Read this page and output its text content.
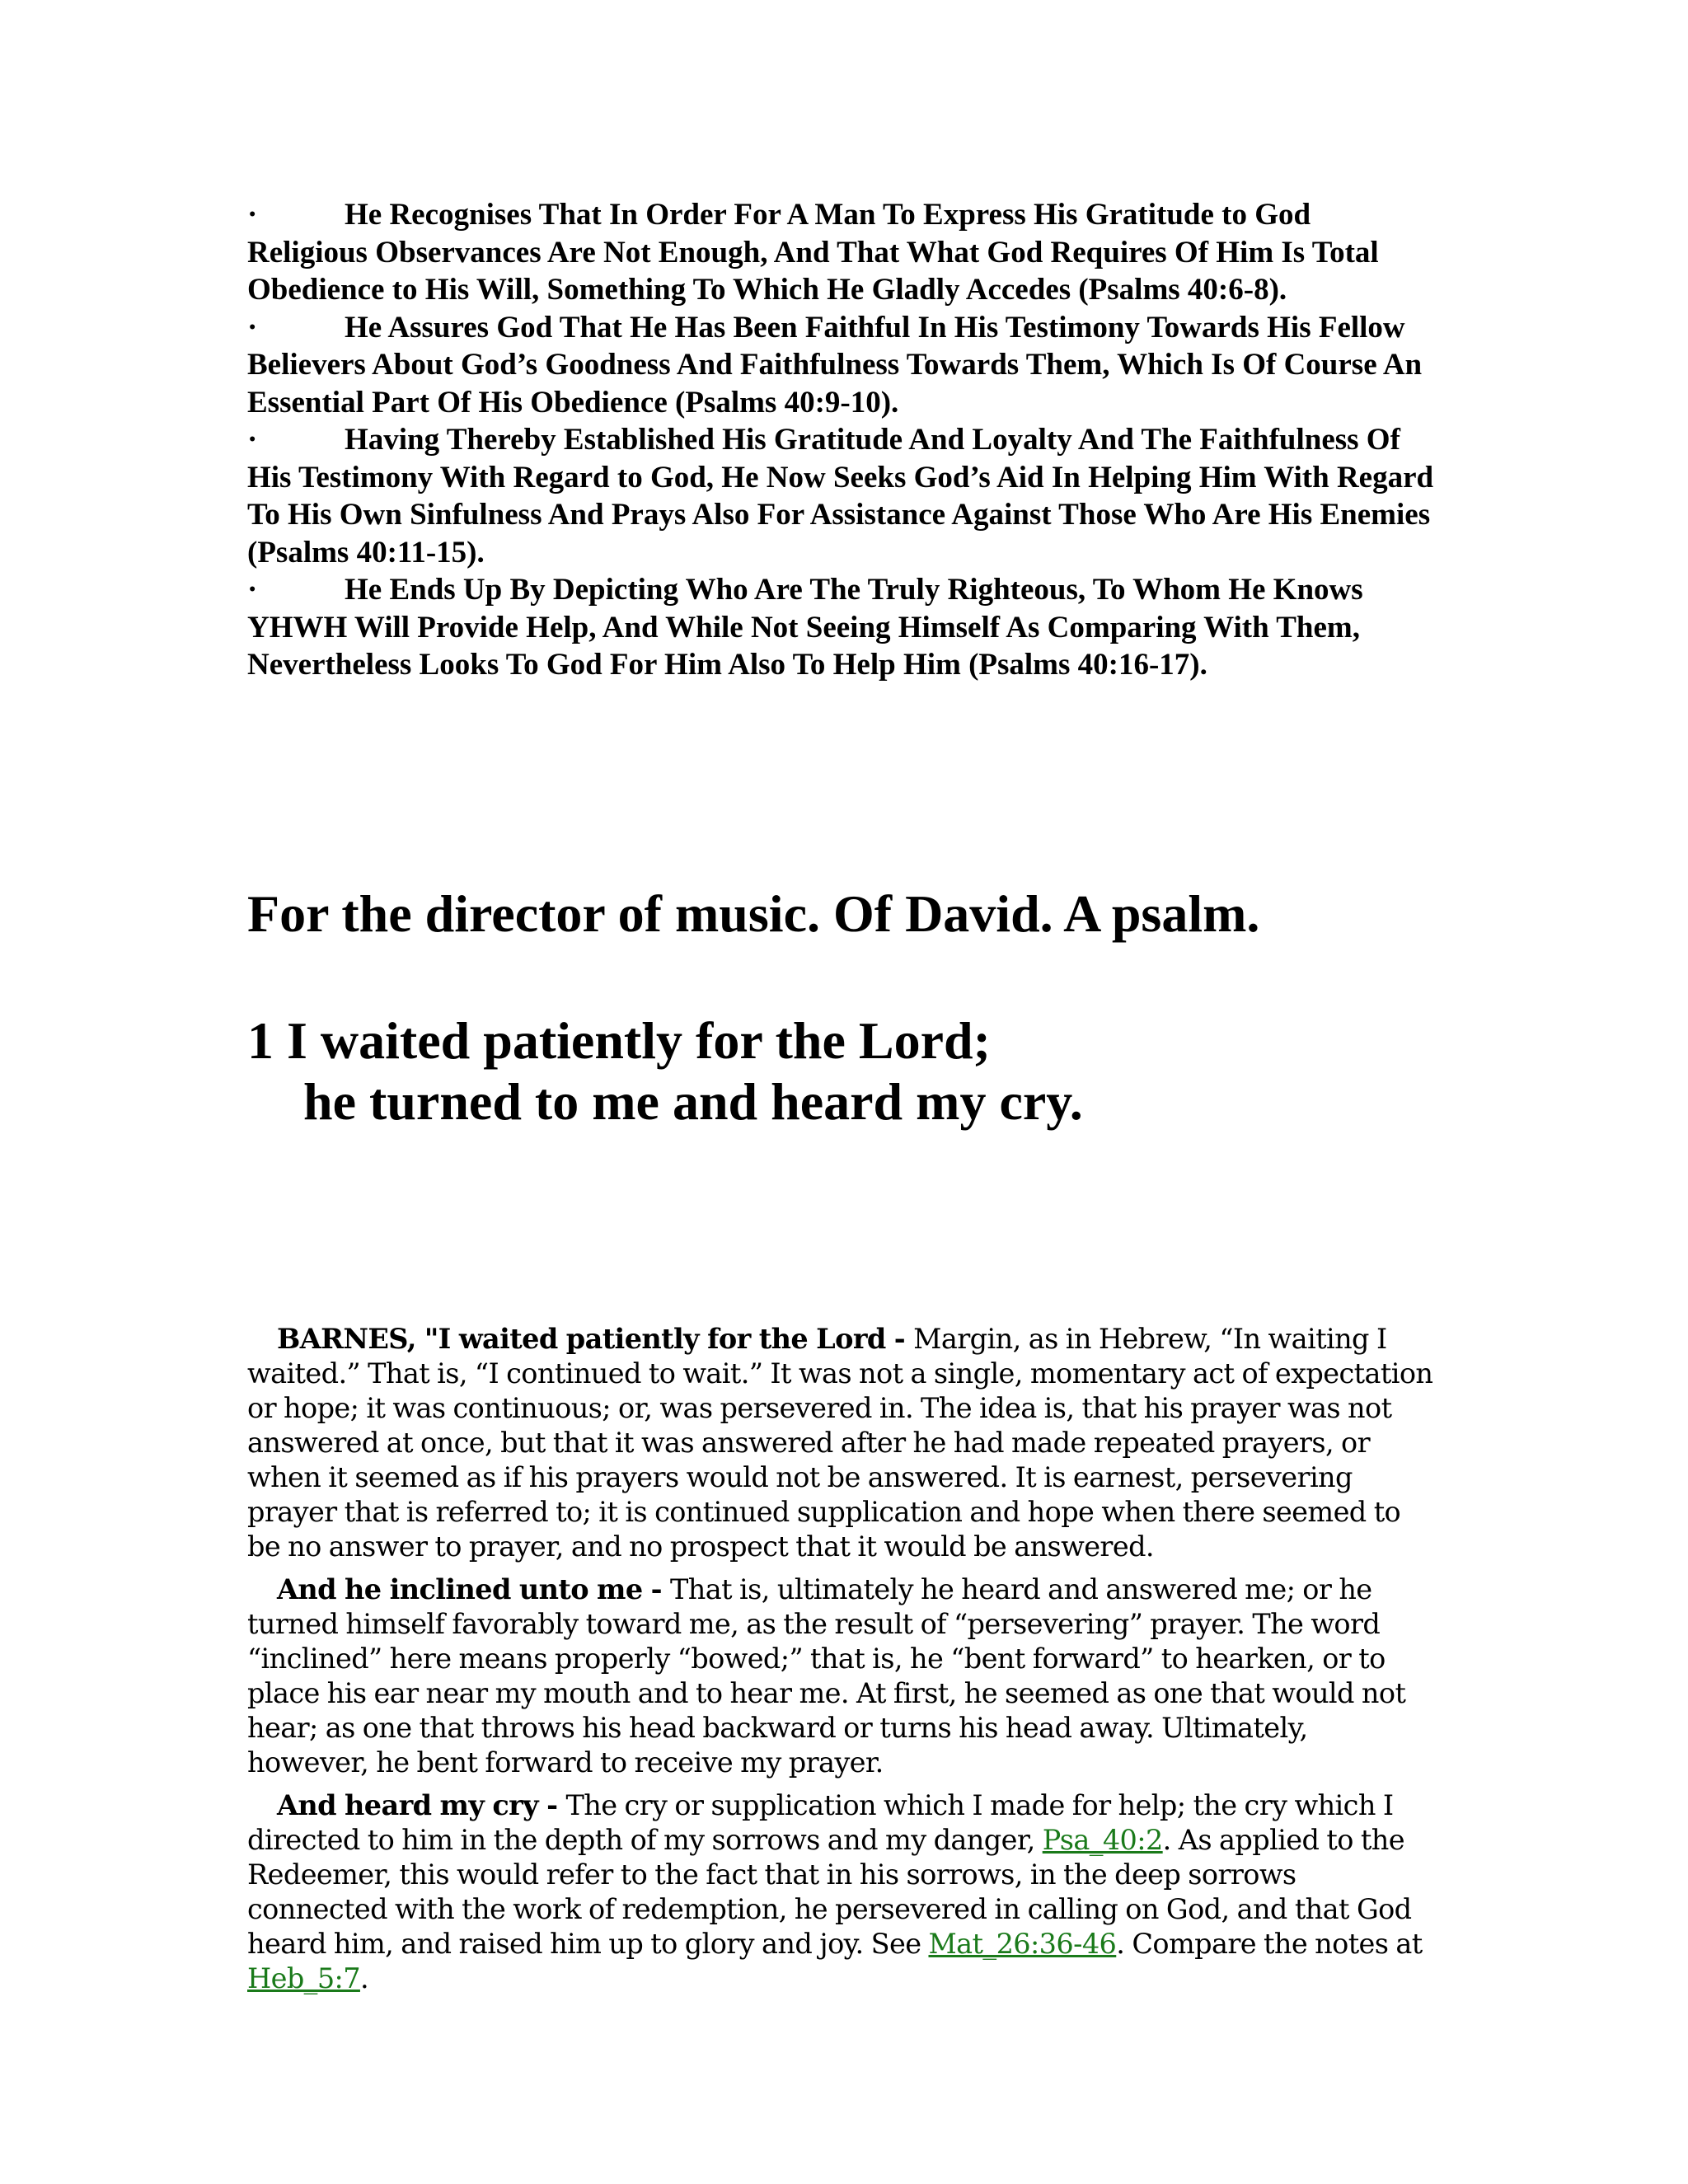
·	He Recognises That In Order For A Man To Express His Gratitude to God Religious Observances Are Not Enough, And That What God Requires Of Him Is Total Obedience to His Will, Something To Which He Gladly Accedes (Psalms 40:6-8).

·	He Assures God That He Has Been Faithful In His Testimony Towards His Fellow Believers About God’s Goodness And Faithfulness Towards Them, Which Is Of Course An Essential Part Of His Obedience (Psalms 40:9-10).

·	Having Thereby Established His Gratitude And Loyalty And The Faithfulness Of His Testimony With Regard to God, He Now Seeks God’s Aid In Helping Him With Regard To His Own Sinfulness And Prays Also For Assistance Against Those Who Are His Enemies (Psalms 40:11-15).

·	He Ends Up By Depicting Who Are The Truly Righteous, To Whom He Knows YHWH Will Provide Help, And While Not Seeing Himself As Comparing With Them, Nevertheless Looks To God For Him Also To Help Him (Psalms 40:16-17).

For the director of music. Of David. A psalm.
1 I waited patiently for the Lord;
he turned to me and heard my cry.

BARNES, "I waited patiently for the Lord - Margin, as in Hebrew, “In waiting I waited.” That is, “I continued to wait.” It was not a single, momentary act of expectation or hope; it was continuous; or, was persevered in. The idea is, that his prayer was not answered at once, but that it was answered after he had made repeated prayers, or when it seemed as if his prayers would not be answered. It is earnest, persevering prayer that is referred to; it is continued supplication and hope when there seemed to be no answer to prayer, and no prospect that it would be answered.

And he inclined unto me - That is, ultimately he heard and answered me; or he turned himself favorably toward me, as the result of “persevering” prayer. The word “inclined” here means properly “bowed;” that is, he “bent forward” to hearken, or to place his ear near my mouth and to hear me. At first, he seemed as one that would not hear; as one that throws his head backward or turns his head away. Ultimately, however, he bent forward to receive my prayer.

And heard my cry - The cry or supplication which I made for help; the cry which I directed to him in the depth of my sorrows and my danger, Psa_40:2. As applied to the Redeemer, this would refer to the fact that in his sorrows, in the deep sorrows connected with the work of redemption, he persevered in calling on God, and that God heard him, and raised him up to glory and joy. See Mat_26:36-46. Compare the notes at Heb_5:7.
